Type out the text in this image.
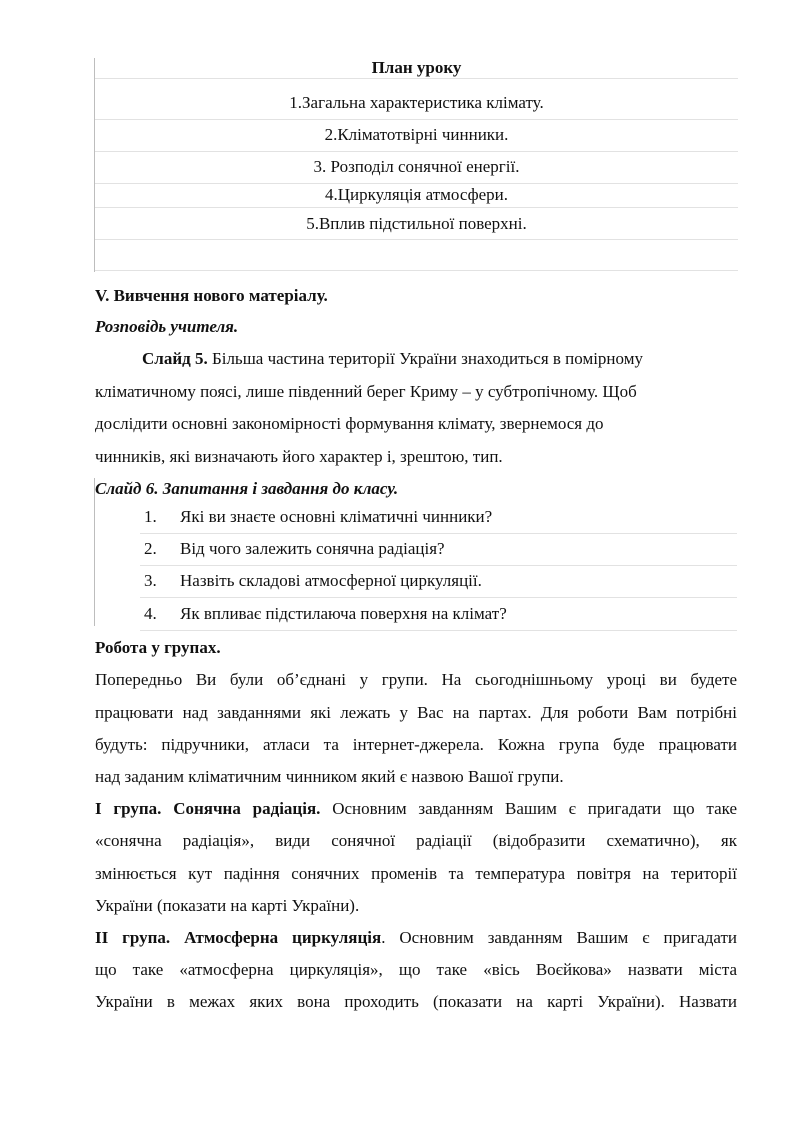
План уроку
1.Загальна характеристика клімату.
2.Кліматотвірні чинники.
3. Розподіл сонячної енергії.
4.Циркуляція атмосфери.
5.Вплив підстильної поверхні.
V. Вивчення нового матеріалу.
Розповідь учителя.
Слайд 5. Більша частина території України знаходиться в помірному
кліматичному поясі, лише південний берег Криму – у субтропічному. Щоб
дослідити основні закономірності формування клімату, звернемося до
чинників, які визначають його характер і, зрештою, тип.
Слайд 6. Запитання і завдання до класу.
1. Які ви знаєте основні кліматичні чинники?
2. Від чого залежить сонячна радіація?
3. Назвіть складові атмосферної циркуляції.
4. Як впливає підстилаюча поверхня на клімат?
Робота у групах.
Попередньо Ви були об’єднані у групи. На сьогоднішньому уроці ви будете
працювати над завданнями які лежать у Вас на партах. Для роботи Вам потрібні
будуть: підручники, атласи та інтернет-джерела. Кожна група буде працювати
над заданим кліматичним чинником який є назвою Вашої групи.
І група. Сонячна радіація. Основним завданням Вашим є пригадати що таке
«сонячна радіація», види сонячної радіації (відобразити схематично), як
змінюється кут падіння сонячних променів та температура повітря на території
України (показати на карті України).
ІІ група. Атмосферна циркуляція. Основним завданням Вашим є пригадати
що таке «атмосферна циркуляція», що таке «вісь Воєйкова» назвати міста
України в межах яких вона проходить (показати на карті України). Назвати
